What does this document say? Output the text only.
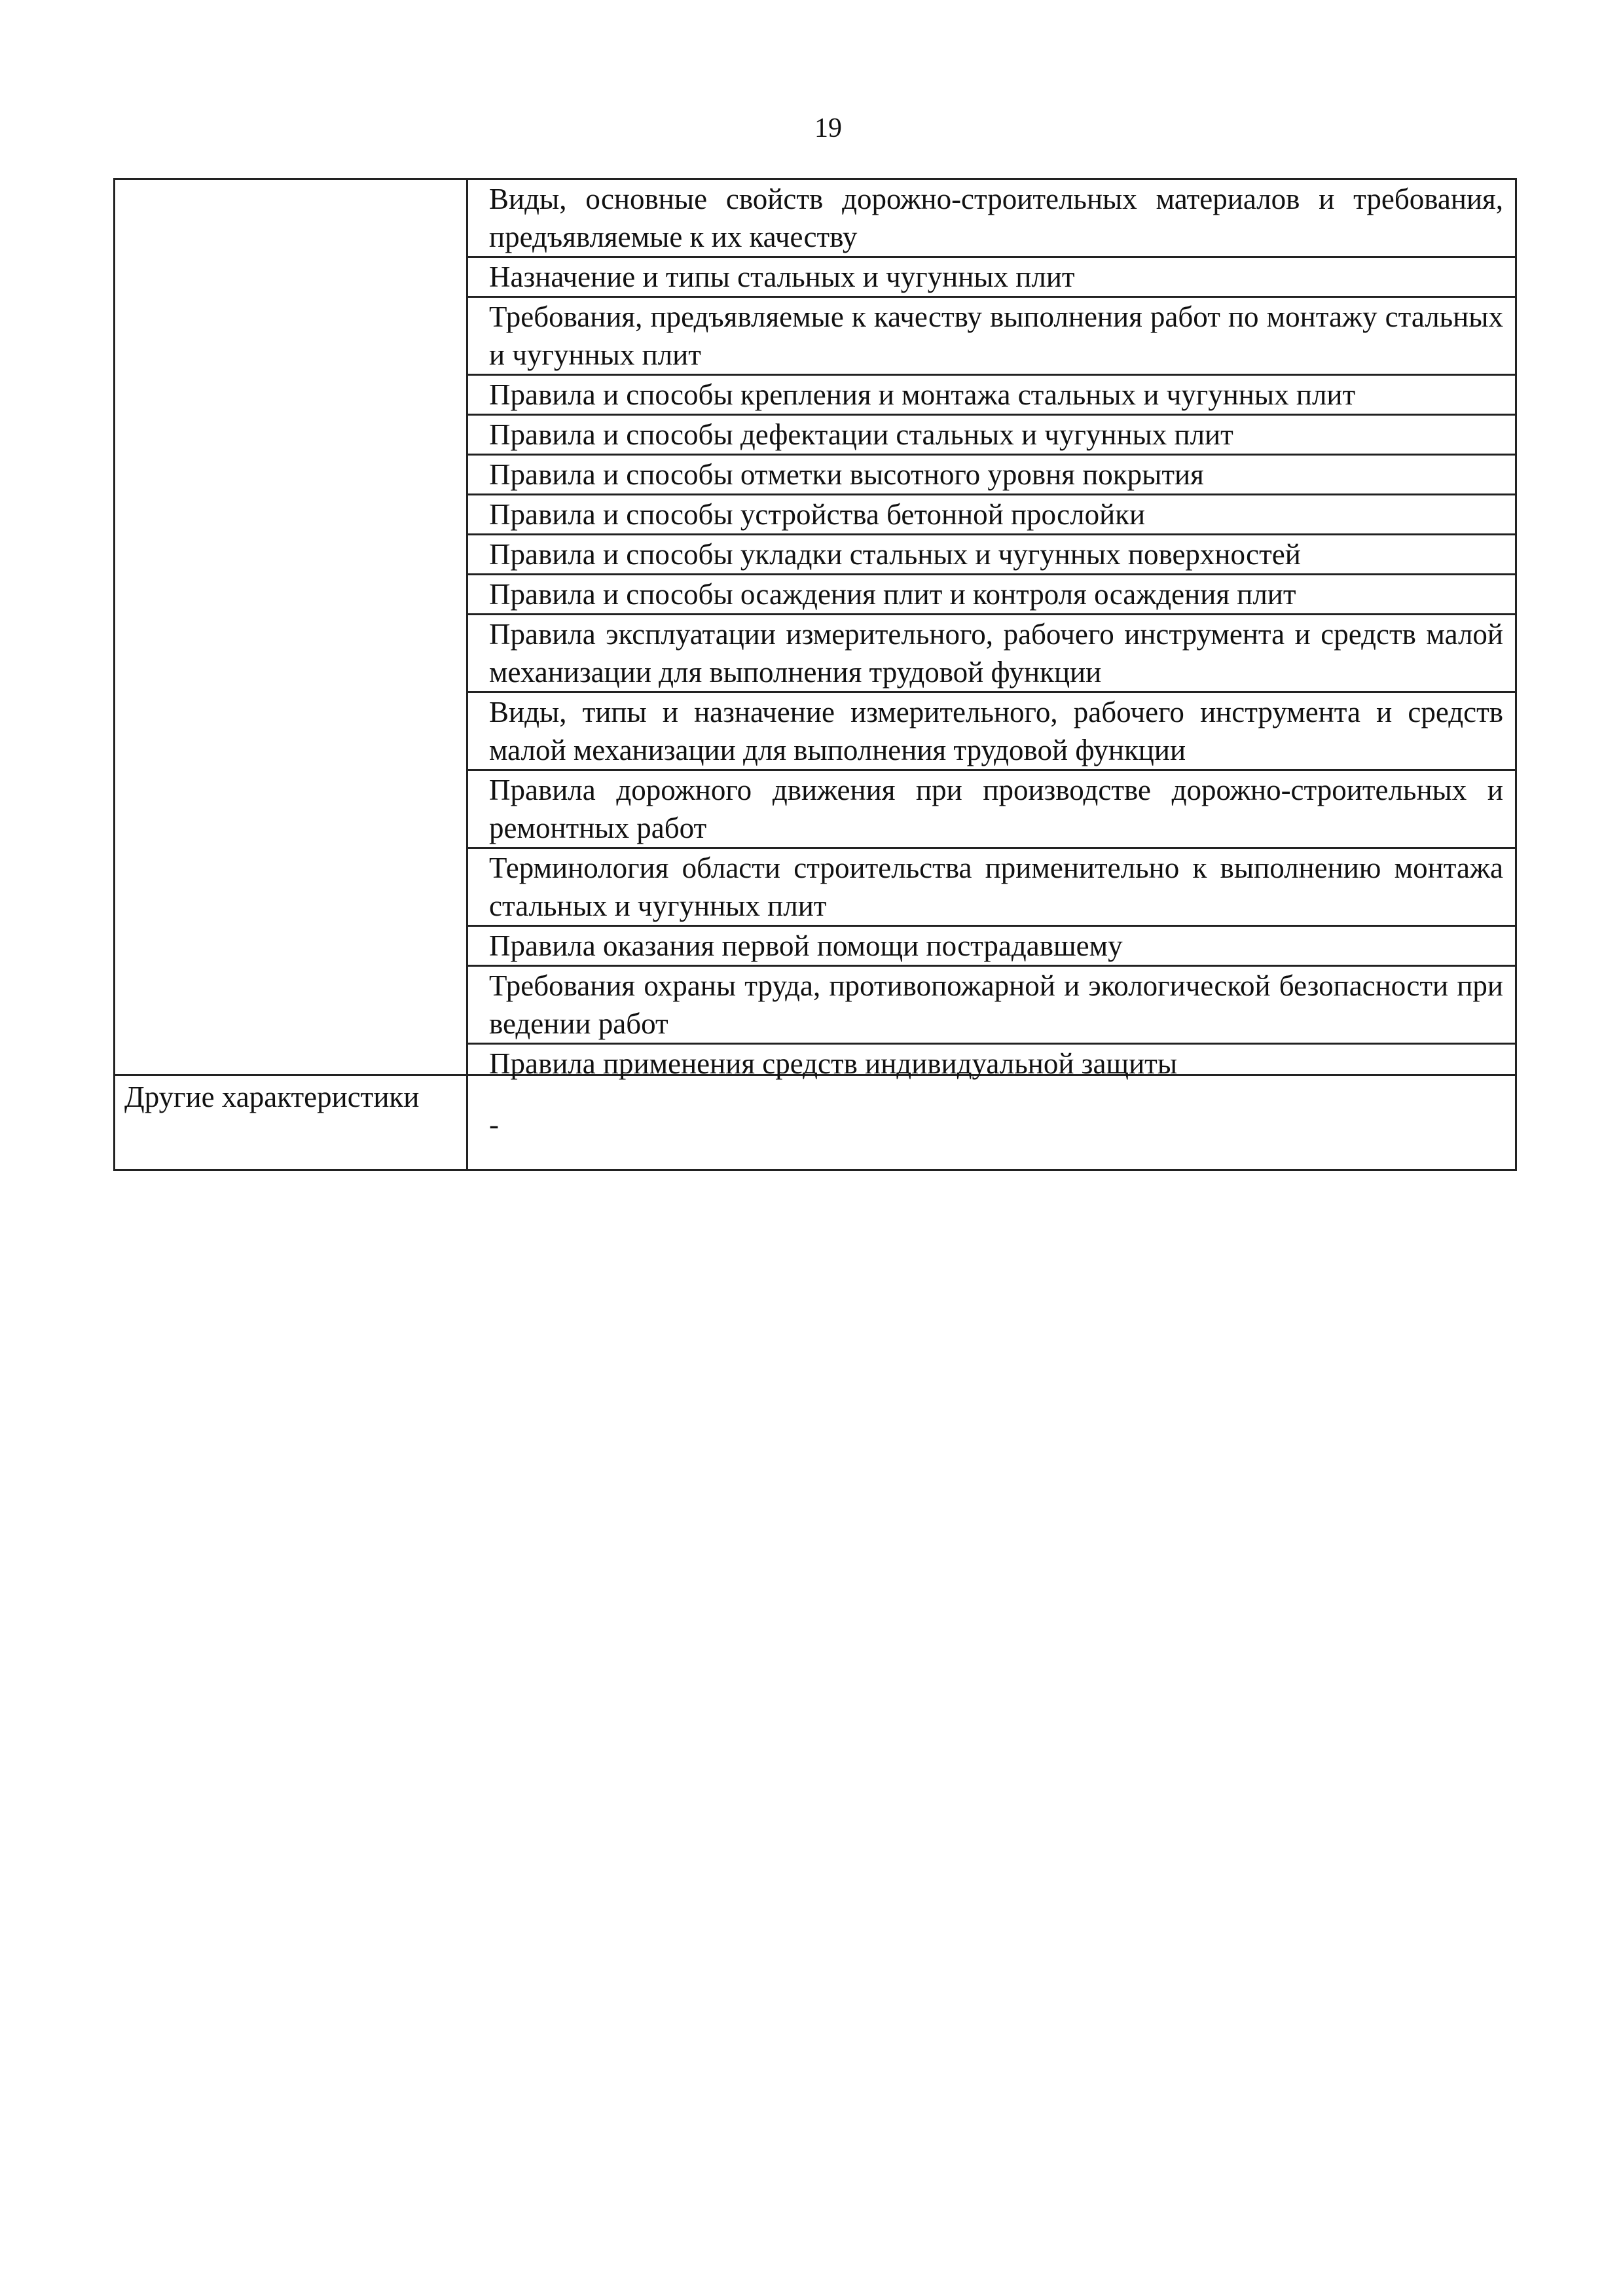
19
Виды, основные свойств дорожно-строительных материалов и требования, предъявляемые к их качеству
Назначение и типы стальных и чугунных плит
Требования, предъявляемые к качеству выполнения работ по монтажу стальных и чугунных плит
Правила и способы крепления и монтажа стальных и чугунных плит
Правила и способы дефектации стальных и чугунных плит
Правила и способы отметки высотного уровня покрытия
Правила и способы устройства бетонной прослойки
Правила и способы укладки стальных и чугунных поверхностей
Правила и способы осаждения плит и контроля осаждения плит
Правила эксплуатации измерительного, рабочего инструмента и средств малой механизации для выполнения трудовой функции
Виды, типы и назначение измерительного, рабочего инструмента и средств малой механизации для выполнения трудовой функции
Правила дорожного движения при производстве дорожно-строительных и ремонтных работ
Терминология области строительства применительно к выполнению монтажа стальных и чугунных плит
Правила оказания первой помощи пострадавшему
Требования охраны труда, противопожарной и экологической безопасности при ведении работ
Правила применения средств индивидуальной защиты
Другие характеристики
-
